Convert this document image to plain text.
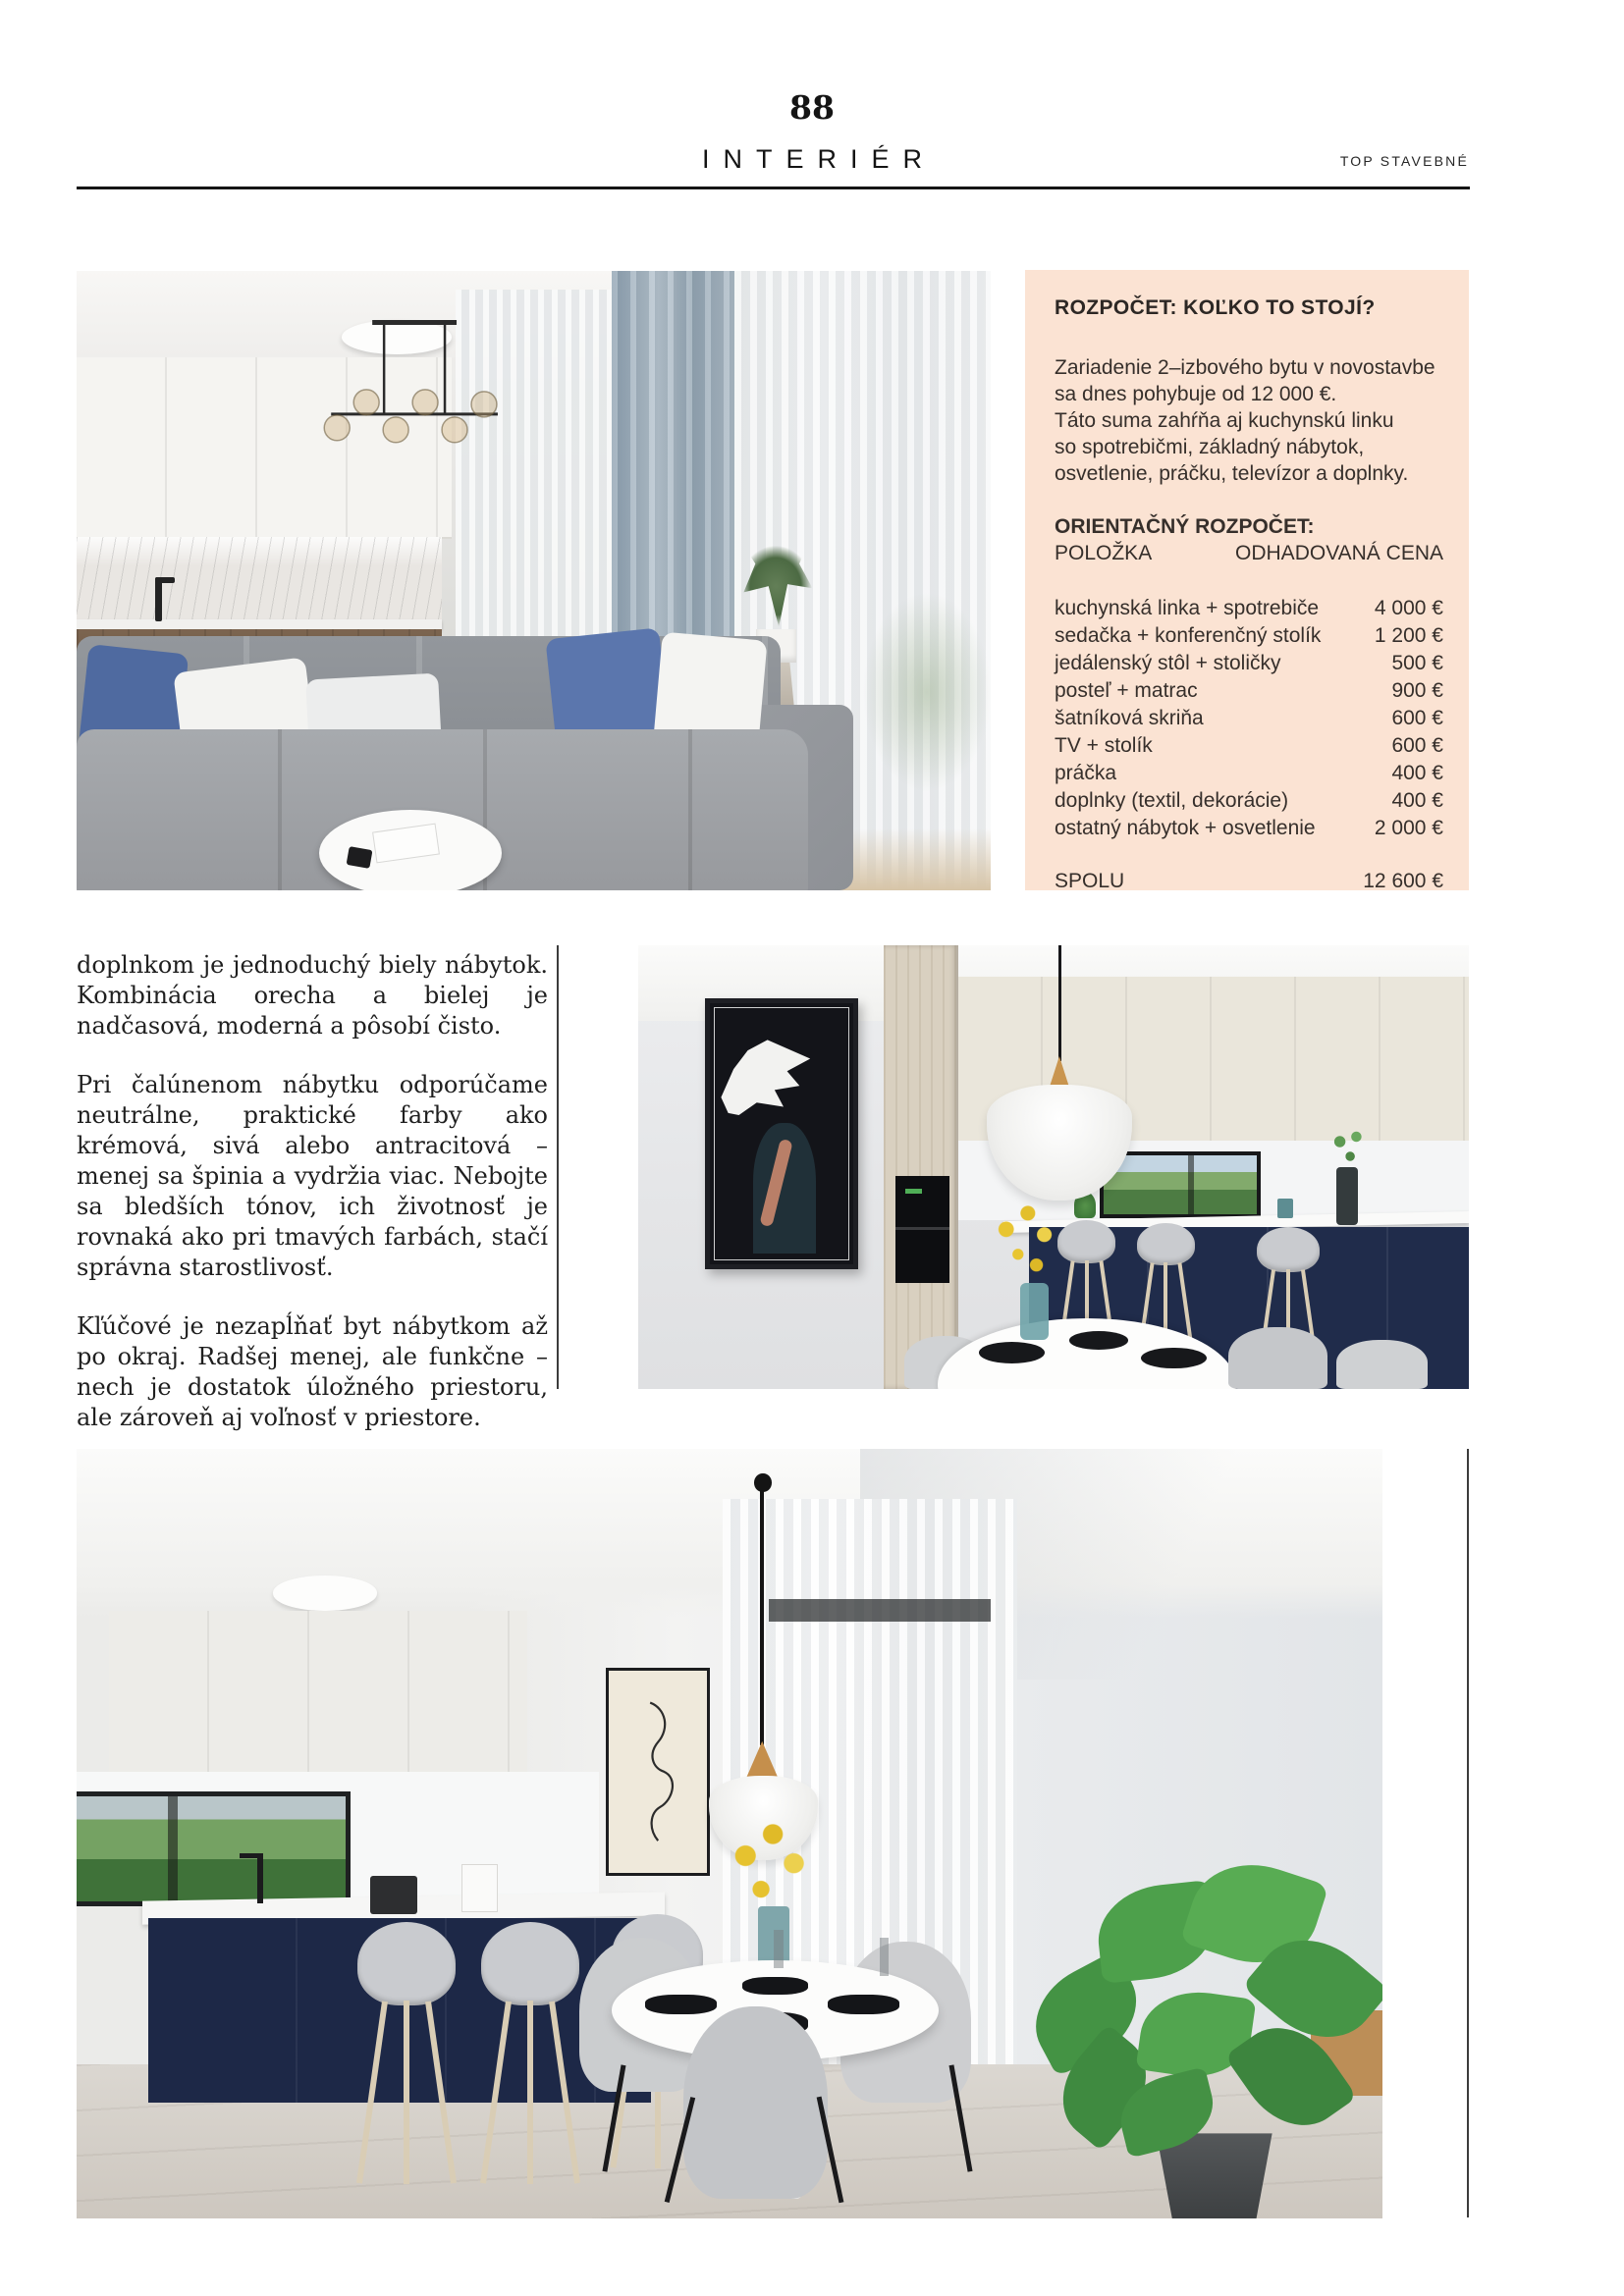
88
INTERIÉR	TOP STAVEBNÉ
ROZPOČET: KOĽKO TO STOJÍ?

Zariadenie 2–izbového bytu v novostavbe
sa dnes pohybuje od 12 000 €.
Táto suma zahŕňa aj kuchynskú linku
so spotrebičmi, základný nábytok,
osvetlenie, práčku, televízor a doplnky.

ORIENTAČNÝ ROZPOČET:
POLOŽKA	ODHADOVANÁ CENA
kuchynská linka + spotrebiče	4 000 €
sedačka + konferenčný stolík	1 200 €
jedálenský stôl + stoličky	500 €
posteľ + matrac	900 €
šatníková skriňa	600 €
TV + stolík	600 €
práčka	400 €
doplnky (textil, dekorácie)	400 €
ostatný nábytok + osvetlenie	2 000 €
SPOLU	12 600 €

doplnkom je jednoduchý biely nábytok. Kombinácia orecha a bielej je nadčasová, moderná a pôsobí čisto.

Pri čalúnenom nábytku odporúčame neutrálne, praktické farby ako krémová, sivá alebo antracitová – menej sa špinia a vydržia viac. Nebojte sa bledších tónov, ich životnosť je rovnaká ako pri tmavých farbách, stačí správna starostlivosť.

Kľúčové je nezapĺňať byt nábytkom až po okraj. Radšej menej, ale funkčne – nech je dostatok úložného priestoru, ale zároveň aj voľnosť v priestore.
